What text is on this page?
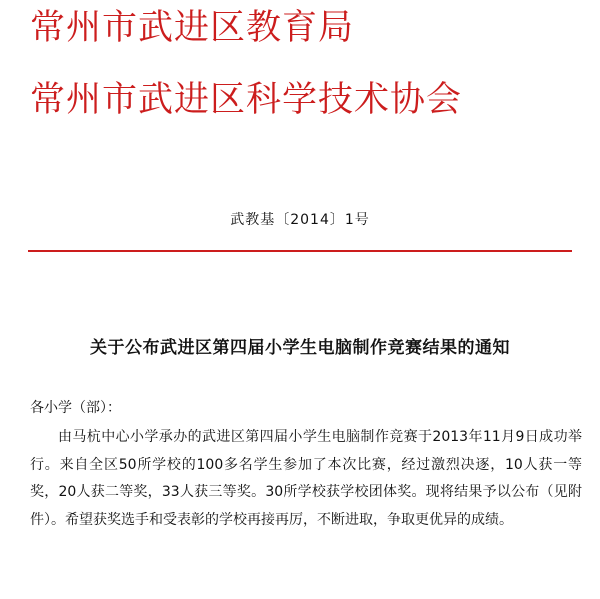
常州市武进区教育局
常州市武进区科学技术协会
武教基〔2014〕1号
关于公布武进区第四届小学生电脑制作竞赛结果的通知
各小学（部）：

由马杭中心小学承办的武进区第四届小学生电脑制作竞赛于2013年11月9日成功举行。来自全区50所学校的100多名学生参加了本次比赛，经过激烈决逐，10人获一等奖，20人获二等奖，33人获三等奖。30所学校获学校团体奖。现将结果予以公布（见附件）。希望获奖选手和受表彰的学校再接再厉，不断进取，争取更优异的成绩。
